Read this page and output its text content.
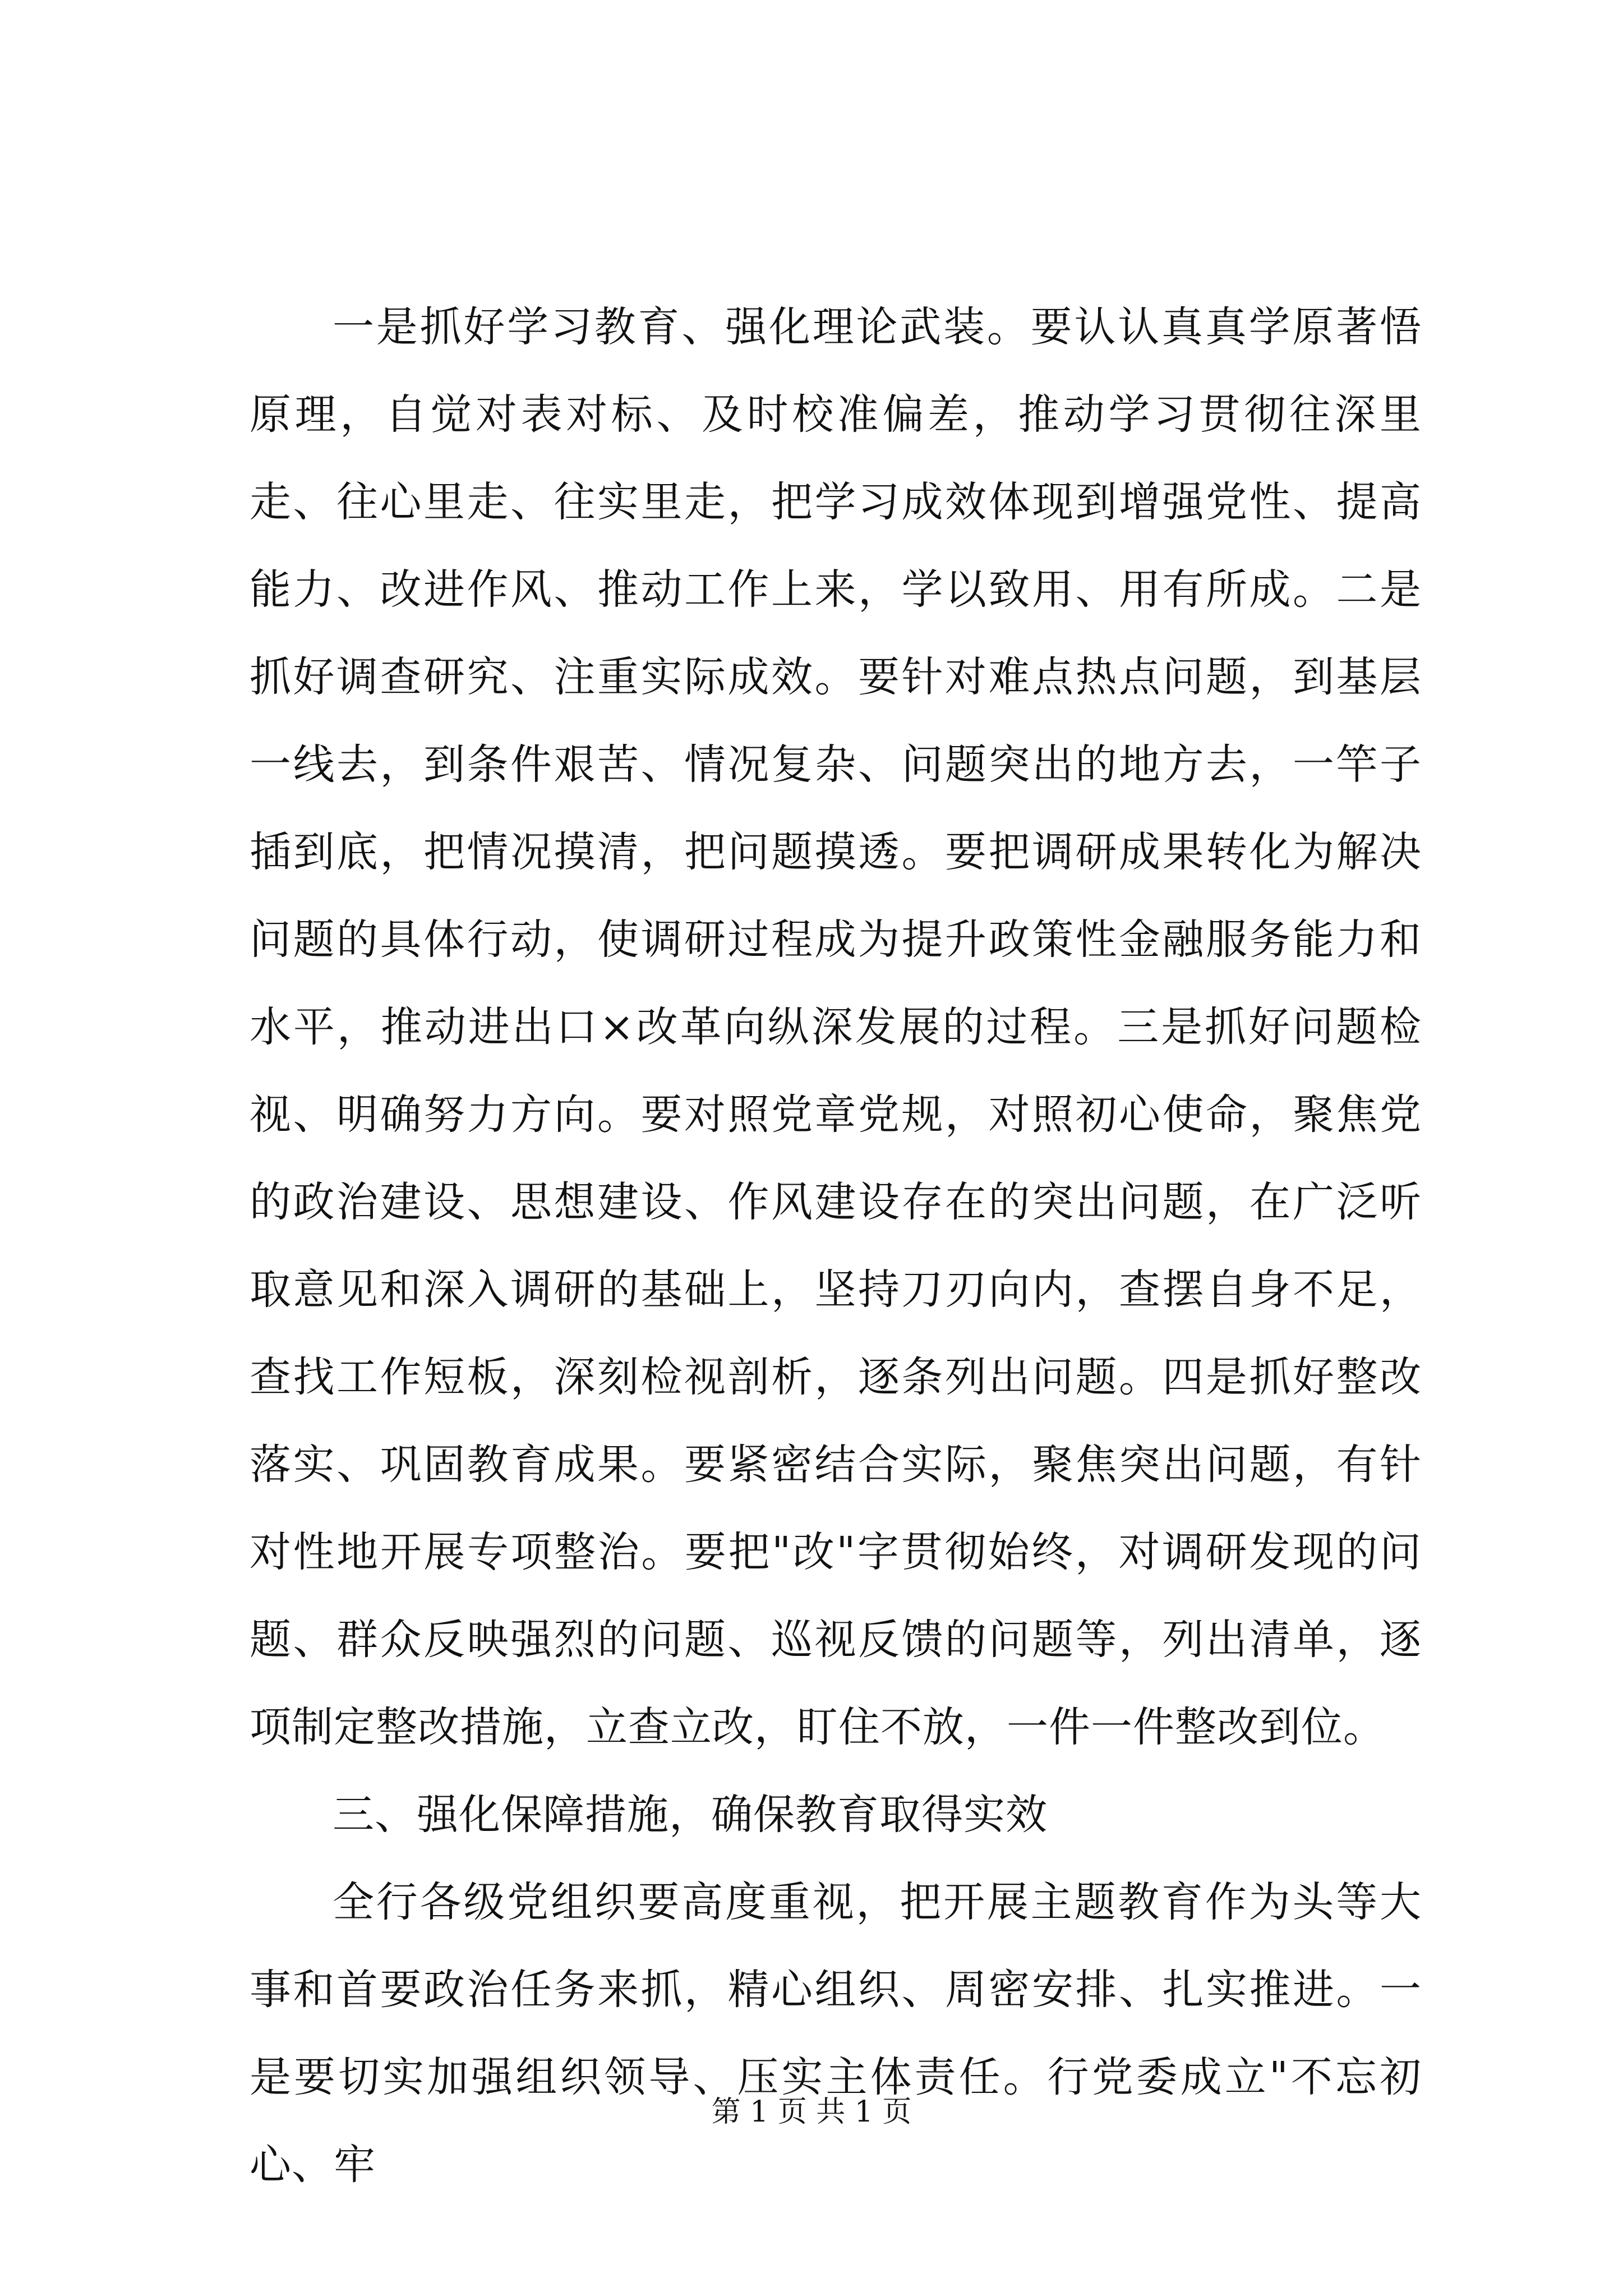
一是抓好学习教育、强化理论武装。要认认真真学原著悟原理，自觉对表对标、及时校准偏差，推动学习贯彻往深里走、往心里走、往实里走，把学习成效体现到增强党性、提高能力、改进作风、推动工作上来，学以致用、用有所成。二是抓好调查研究、注重实际成效。要针对难点热点问题，到基层一线去，到条件艰苦、情况复杂、问题突出的地方去，一竿子插到底，把情况摸清，把问题摸透。要把调研成果转化为解决问题的具体行动，使调研过程成为提升政策性金融服务能力和水平，推动进出口×改革向纵深发展的过程。三是抓好问题检视、明确努力方向。要对照党章党规，对照初心使命，聚焦党的政治建设、思想建设、作风建设存在的突出问题，在广泛听取意见和深入调研的基础上，坚持刀刃向内，查摆自身不足，查找工作短板，深刻检视剖析，逐条列出问题。四是抓好整改落实、巩固教育成果。要紧密结合实际，聚焦突出问题，有针对性地开展专项整治。要把"改"字贯彻始终，对调研发现的问题、群众反映强烈的问题、巡视反馈的问题等，列出清单，逐项制定整改措施，立查立改，盯住不放，一件一件整改到位。

三、强化保障措施，确保教育取得实效

全行各级党组织要高度重视，把开展主题教育作为头等大事和首要政治任务来抓，精心组织、周密安排、扎实推进。一是要切实加强组织领导、压实主体责任。行党委成立"不忘初心、牢

第 1 页 共 1 页
